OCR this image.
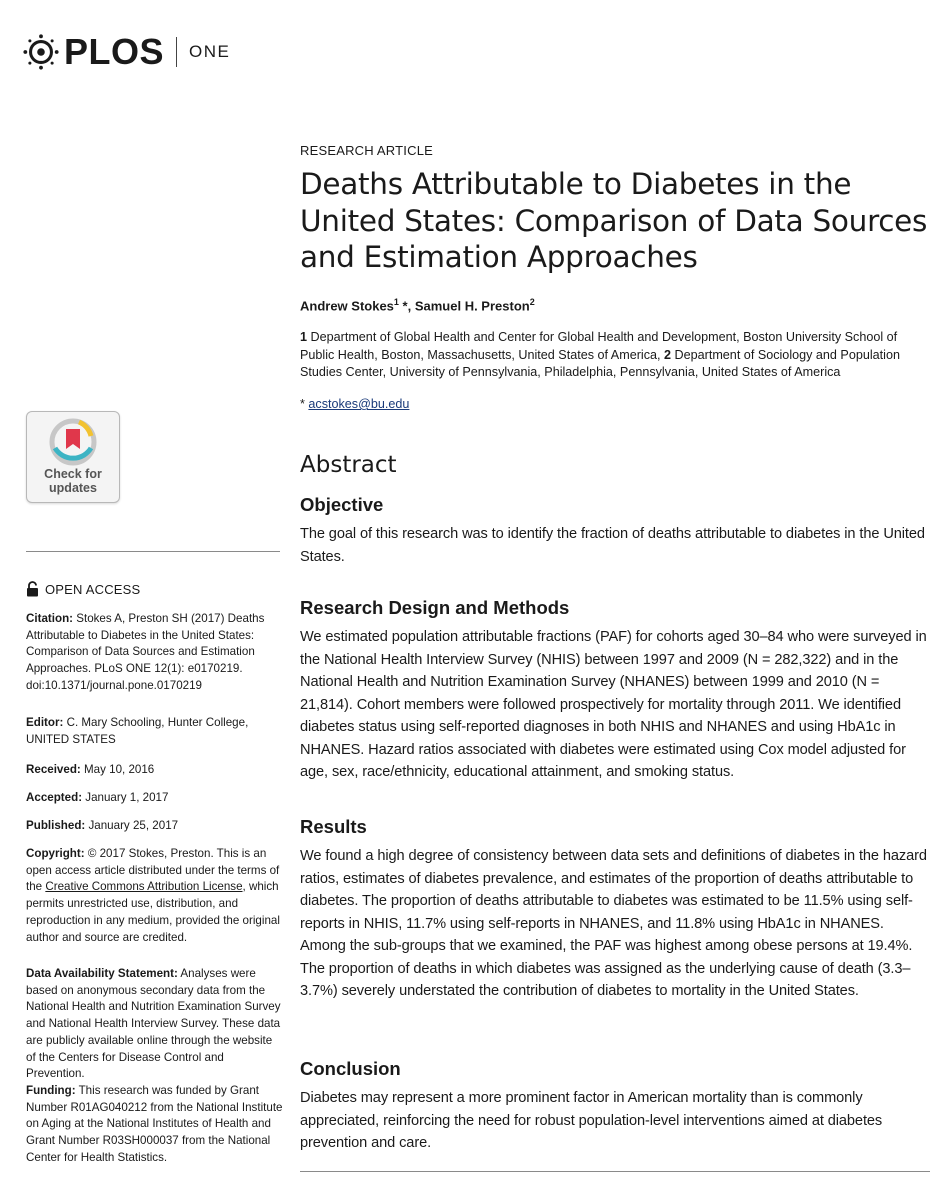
PLOS ONE
Check for
updates
OPEN ACCESS
Citation: Stokes A, Preston SH (2017) Deaths Attributable to Diabetes in the United States: Comparison of Data Sources and Estimation Approaches. PLoS ONE 12(1): e0170219. doi:10.1371/journal.pone.0170219
Editor: C. Mary Schooling, Hunter College, UNITED STATES
Received: May 10, 2016
Accepted: January 1, 2017
Published: January 25, 2017
Copyright: © 2017 Stokes, Preston. This is an open access article distributed under the terms of the Creative Commons Attribution License, which permits unrestricted use, distribution, and reproduction in any medium, provided the original author and source are credited.
Data Availability Statement: Analyses were based on anonymous secondary data from the National Health and Nutrition Examination Survey and National Health Interview Survey. These data are publicly available online through the website of the Centers for Disease Control and Prevention.
Funding: This research was funded by Grant Number R01AG040212 from the National Institute on Aging at the National Institutes of Health and Grant Number R03SH000037 from the National Center for Health Statistics.
RESEARCH ARTICLE
Deaths Attributable to Diabetes in the United States: Comparison of Data Sources and Estimation Approaches
Andrew Stokes$^1$ *, Samuel H. Preston$^2$
1 Department of Global Health and Center for Global Health and Development, Boston University School of Public Health, Boston, Massachusetts, United States of America, 2 Department of Sociology and Population Studies Center, University of Pennsylvania, Philadelphia, Pennsylvania, United States of America
* acstokes@bu.edu
Abstract
Objective
The goal of this research was to identify the fraction of deaths attributable to diabetes in the United States.
Research Design and Methods
We estimated population attributable fractions (PAF) for cohorts aged 30–84 who were surveyed in the National Health Interview Survey (NHIS) between 1997 and 2009 (N = 282,322) and in the National Health and Nutrition Examination Survey (NHANES) between 1999 and 2010 (N = 21,814). Cohort members were followed prospectively for mortality through 2011. We identified diabetes status using self-reported diagnoses in both NHIS and NHANES and using HbA1c in NHANES. Hazard ratios associated with diabetes were estimated using Cox model adjusted for age, sex, race/ethnicity, educational attainment, and smoking status.
Results
We found a high degree of consistency between data sets and definitions of diabetes in the hazard ratios, estimates of diabetes prevalence, and estimates of the proportion of deaths attributable to diabetes. The proportion of deaths attributable to diabetes was estimated to be 11.5% using self-reports in NHIS, 11.7% using self-reports in NHANES, and 11.8% using HbA1c in NHANES. Among the sub-groups that we examined, the PAF was highest among obese persons at 19.4%. The proportion of deaths in which diabetes was assigned as the underlying cause of death (3.3–3.7%) severely understated the contribution of diabetes to mortality in the United States.
Conclusion
Diabetes may represent a more prominent factor in American mortality than is commonly appreciated, reinforcing the need for robust population-level interventions aimed at diabetes prevention and care.
